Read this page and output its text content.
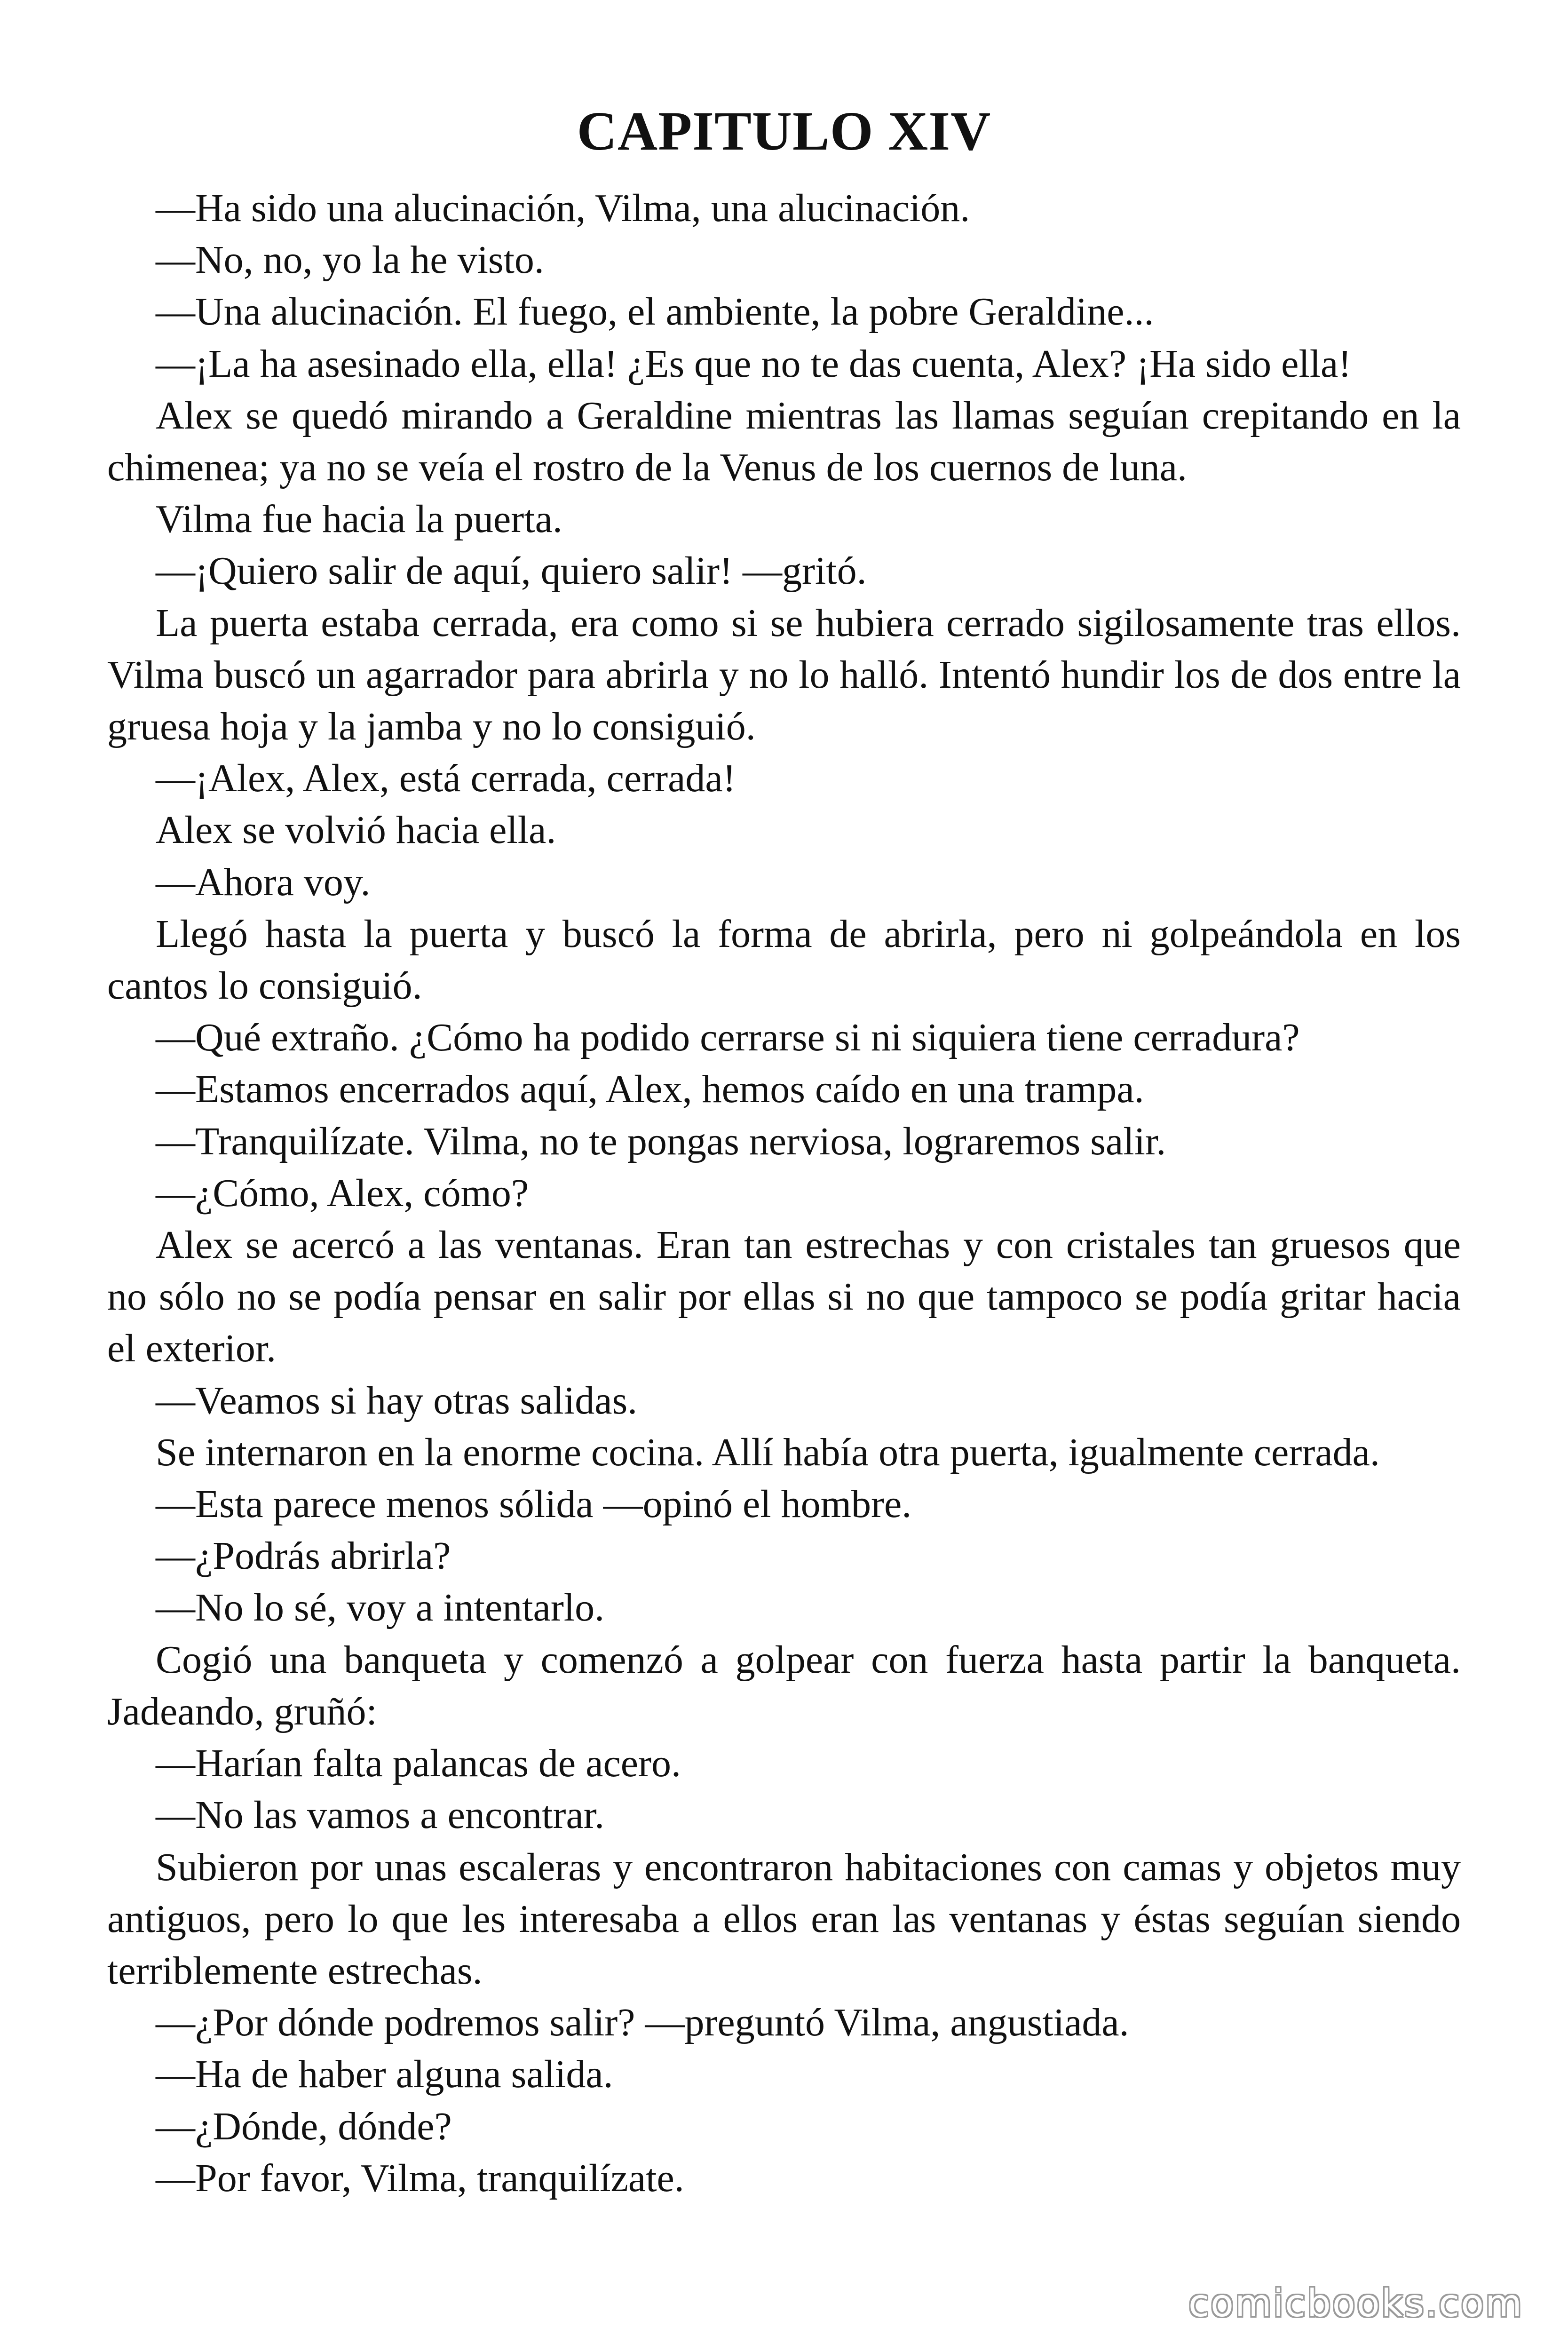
CAPITULO XIV

—Ha sido una alucinación, Vilma, una alucinación.

—No, no, yo la he visto.

—Una alucinación. El fuego, el ambiente, la pobre Geraldine...

—¡La ha asesinado ella, ella! ¿Es que no te das cuenta, Alex? ¡Ha sido ella!

Alex se quedó mirando a Geraldine mientras las llamas seguían crepitando en la chimenea; ya no se veía el rostro de la Venus de los cuernos de luna.

Vilma fue hacia la puerta.

—¡Quiero salir de aquí, quiero salir! —gritó.

La puerta estaba cerrada, era como si se hubiera cerrado sigilosamente tras ellos. Vilma buscó un agarrador para abrirla y no lo halló. Intentó hundir los de dos entre la gruesa hoja y la jamba y no lo consiguió.

—¡Alex, Alex, está cerrada, cerrada!

Alex se volvió hacia ella.

—Ahora voy.

Llegó hasta la puerta y buscó la forma de abrirla, pero ni golpeándola en los cantos lo consiguió.

—Qué extraño. ¿Cómo ha podido cerrarse si ni siquiera tiene cerradura?

—Estamos encerrados aquí, Alex, hemos caído en una trampa.

—Tranquilízate. Vilma, no te pongas nerviosa, lograremos salir.

—¿Cómo, Alex, cómo?

Alex se acercó a las ventanas. Eran tan estrechas y con cristales tan gruesos que no sólo no se podía pensar en salir por ellas si no que tampoco se podía gritar hacia el exterior.

—Veamos si hay otras salidas.

Se internaron en la enorme cocina. Allí había otra puerta, igualmente cerrada.

—Esta parece menos sólida —opinó el hombre.

—¿Podrás abrirla?

—No lo sé, voy a intentarlo.

Cogió una banqueta y comenzó a golpear con fuerza hasta partir la banqueta. Jadeando, gruñó:

—Harían falta palancas de acero.

—No las vamos a encontrar.

Subieron por unas escaleras y encontraron habitaciones con camas y objetos muy antiguos, pero lo que les interesaba a ellos eran las ventanas y éstas seguían siendo terriblemente estrechas.

—¿Por dónde podremos salir? —preguntó Vilma, angustiada.

—Ha de haber alguna salida.

—¿Dónde, dónde?

—Por favor, Vilma, tranquilízate.

comicbooks.com
